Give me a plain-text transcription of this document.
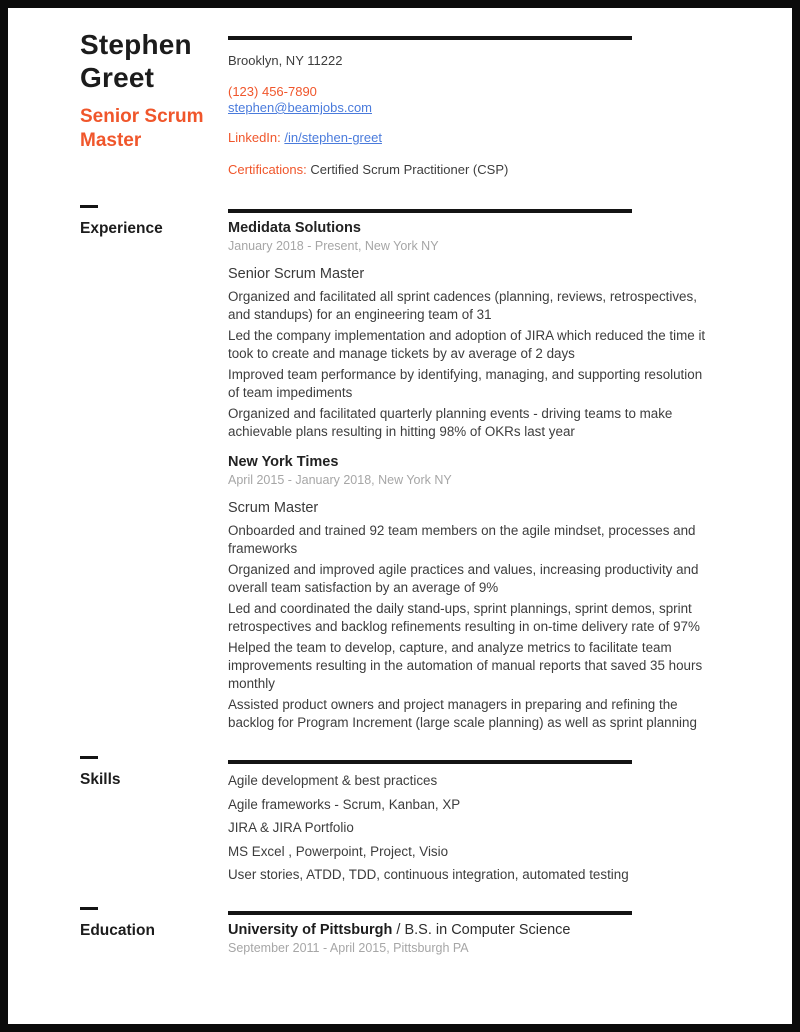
Stephen Greet
Senior Scrum Master
Brooklyn, NY 11222
(123) 456-7890
stephen@beamjobs.com
LinkedIn: /in/stephen-greet
Certifications: Certified Scrum Practitioner (CSP)
Experience	Medidata Solutions
January 2018 - Present, New York NY
Senior Scrum Master

Organized and facilitated all sprint cadences (planning, reviews, retrospectives, and standups) for an engineering team of 31

Led the company implementation and adoption of JIRA which reduced the time it took to create and manage tickets by av average of 2 days

Improved team performance by identifying, managing, and supporting resolution of team impediments

Organized and facilitated quarterly planning events - driving teams to make achievable plans resulting in hitting 98% of OKRs last year

New York Times
April 2015 - January 2018, New York NY
Scrum Master

Onboarded and trained 92 team members on the agile mindset, processes and frameworks

Organized and improved agile practices and values, increasing productivity and overall team satisfaction by an average of 9%

Led and coordinated the daily stand-ups, sprint plannings, sprint demos, sprint retrospectives and backlog refinements resulting in on-time delivery rate of 97%

Helped the team to develop, capture, and analyze metrics to facilitate team improvements resulting in the automation of manual reports that saved 35 hours monthly

Assisted product owners and project managers in preparing and refining the backlog for Program Increment (large scale planning) as well as sprint planning

Skills	Agile development & best practices

Agile frameworks - Scrum, Kanban, XP

JIRA & JIRA Portfolio

MS Excel , Powerpoint, Project, Visio

User stories, ATDD, TDD, continuous integration, automated testing

Education	University of Pittsburgh / B.S. in Computer Science
September 2011 - April 2015, Pittsburgh PA
